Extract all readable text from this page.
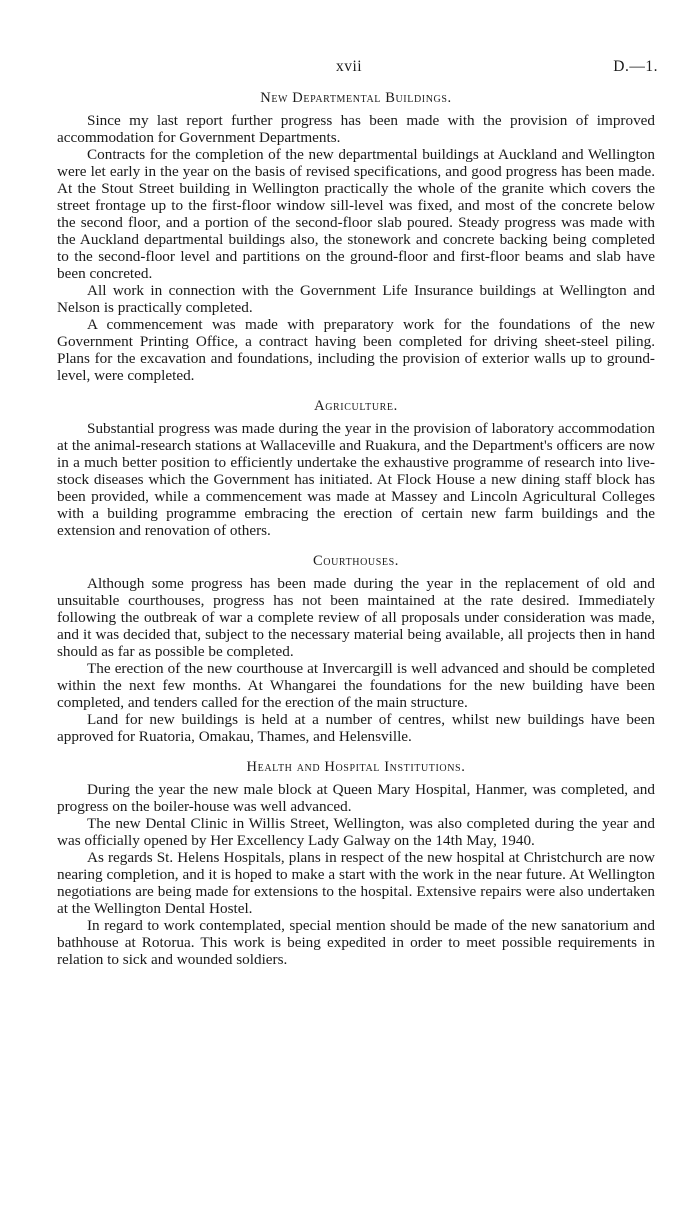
xvii	D.—1.
New Departmental Buildings.

Since my last report further progress has been made with the provision of improved accommodation for Government Departments.

Contracts for the completion of the new departmental buildings at Auckland and Wellington were let early in the year on the basis of revised specifications, and good progress has been made. At the Stout Street building in Wellington practically the whole of the granite which covers the street frontage up to the first-floor window sill-level was fixed, and most of the concrete below the second floor, and a portion of the second-floor slab poured. Steady progress was made with the Auckland departmental buildings also, the stonework and concrete backing being completed to the second-floor level and partitions on the ground-floor and first-floor beams and slab have been concreted.

All work in connection with the Government Life Insurance buildings at Wellington and Nelson is practically completed.

A commencement was made with preparatory work for the foundations of the new Government Printing Office, a contract having been completed for driving sheet-steel piling. Plans for the excavation and foundations, including the provision of exterior walls up to ground-level, were completed.

Agriculture.

Substantial progress was made during the year in the provision of laboratory accommodation at the animal-research stations at Wallaceville and Ruakura, and the Department's officers are now in a much better position to efficiently undertake the exhaustive programme of research into live-stock diseases which the Government has initiated. At Flock House a new dining staff block has been provided, while a commencement was made at Massey and Lincoln Agricultural Colleges with a building programme embracing the erection of certain new farm buildings and the extension and renovation of others.

Courthouses.

Although some progress has been made during the year in the replacement of old and unsuitable courthouses, progress has not been maintained at the rate desired. Immediately following the outbreak of war a complete review of all proposals under consideration was made, and it was decided that, subject to the necessary material being available, all projects then in hand should as far as possible be completed.

The erection of the new courthouse at Invercargill is well advanced and should be completed within the next few months. At Whangarei the foundations for the new building have been completed, and tenders called for the erection of the main structure.

Land for new buildings is held at a number of centres, whilst new buildings have been approved for Ruatoria, Omakau, Thames, and Helensville.

Health and Hospital Institutions.

During the year the new male block at Queen Mary Hospital, Hanmer, was completed, and progress on the boiler-house was well advanced.

The new Dental Clinic in Willis Street, Wellington, was also completed during the year and was officially opened by Her Excellency Lady Galway on the 14th May, 1940.

As regards St. Helens Hospitals, plans in respect of the new hospital at Christchurch are now nearing completion, and it is hoped to make a start with the work in the near future. At Wellington negotiations are being made for extensions to the hospital. Extensive repairs were also undertaken at the Wellington Dental Hostel.

In regard to work contemplated, special mention should be made of the new sanatorium and bathhouse at Rotorua. This work is being expedited in order to meet possible requirements in relation to sick and wounded soldiers.
